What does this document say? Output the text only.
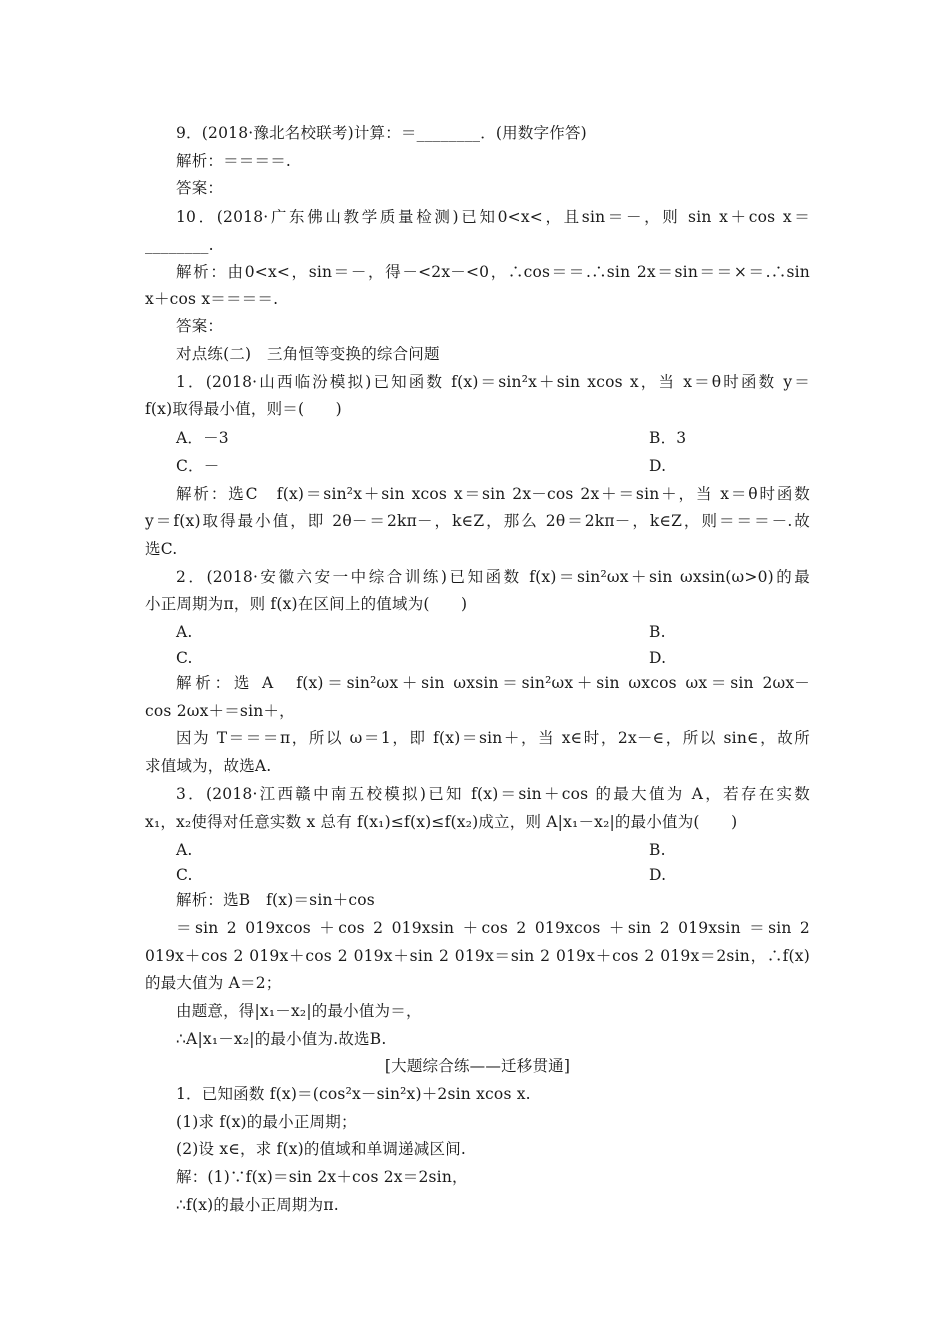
9．(2018·豫北名校联考)计算：＝________．(用数字作答)
解析：＝＝＝＝.
答案：
10．(2018·广东佛山教学质量检测)已知0<x<，且sin＝－，则 sin x＋cos x＝
________.
解析：由0<x<，sin＝－，得－<2x－<0，∴cos＝＝.∴sin 2x＝sin＝＝×＝.∴sin
x＋cos x＝＝＝＝.
答案：
对点练(二)　三角恒等变换的综合问题
1．(2018·山西临汾模拟)已知函数 f(x)＝sin²x＋sin xcos x，当 x＝θ时函数 y＝
f(x)取得最小值，则＝(　　)
A．－3	B．3
C．－	D.
解析：选C　f(x)＝sin²x＋sin xcos x＝sin 2x－cos 2x＋＝sin＋，当 x＝θ时函数
y＝f(x)取得最小值，即 2θ－＝2kπ－，k∈Z，那么 2θ＝2kπ－，k∈Z，则＝＝＝－.故
选C.
2．(2018·安徽六安一中综合训练)已知函数 f(x)＝sin²ωx＋sin ωxsin(ω>0)的最
小正周期为π，则 f(x)在区间上的值域为(　　)
A.	B.
C.	D.
解析：选 A　f(x)＝sin²ωx＋sin ωxsin＝sin²ωx＋sin ωxcos ωx＝sin 2ωx－
cos 2ωx＋＝sin＋，
因为 T＝＝＝π，所以 ω＝1，即 f(x)＝sin＋，当 x∈时，2x－∈，所以 sin∈，故所
求值域为，故选A.
3．(2018·江西赣中南五校模拟)已知 f(x)＝sin＋cos 的最大值为 A，若存在实数
x₁，x₂使得对任意实数 x 总有 f(x₁)≤f(x)≤f(x₂)成立，则 A|x₁－x₂|的最小值为(　　)
A.	B.
C.	D.
解析：选B　f(x)＝sin＋cos
＝sin 2 019xcos ＋cos 2 019xsin ＋cos 2 019xcos ＋sin 2 019xsin ＝sin 2
019x＋cos 2 019x＋cos 2 019x＋sin 2 019x＝sin 2 019x＋cos 2 019x＝2sin，∴f(x)
的最大值为 A＝2；
由题意，得|x₁－x₂|的最小值为＝，
∴A|x₁－x₂|的最小值为.故选B.
[大题综合练——迁移贯通]
1．已知函数 f(x)＝(cos²x－sin²x)＋2sin xcos x.
(1)求 f(x)的最小正周期；
(2)设 x∈，求 f(x)的值域和单调递减区间.
解：(1)∵f(x)＝sin 2x＋cos 2x＝2sin，
∴f(x)的最小正周期为π.
